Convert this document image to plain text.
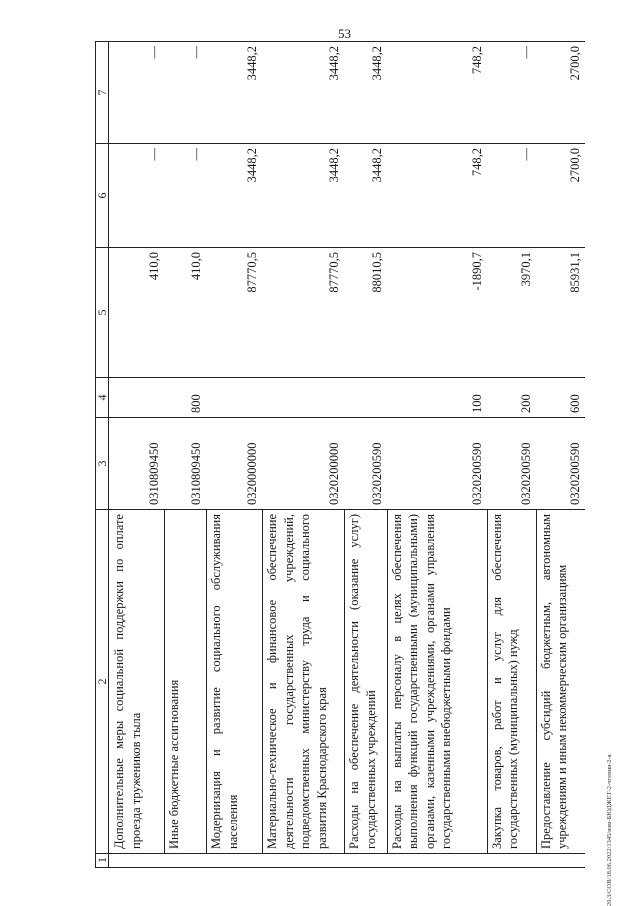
53
20.3/СОВ/18.06.2022/1345/изм-БЮДЖЕТ-2-чтения-2-я
1	2	3	4	5	6	7
	Дополнительные меры социальной поддержки по оплате проезда тружеников тыла	0310809450		410,0	—	—
	Иные бюджетные ассигнования	0310809450	800	410,0	—	—
	Модернизация и развитие социального обслуживания населения	0320000000		87770,5	3448,2	3448,2
	Материально-техническое и финансовое обеспечение деятельности государственных учреждений, подведомственных министерству труда и социального развития Краснодарского края	0320200000		87770,5	3448,2	3448,2
	Расходы на обеспечение деятельности (оказание услуг) государственных учреждений	0320200590		88010,5	3448,2	3448,2
	Расходы на выплаты персоналу в целях обеспечения выполнения функций государственными (муниципальными) органами, казенными учреждениями, органами управления государственными внебюджетными фондами	0320200590	100	-1890,7	748,2	748,2
	Закупка товаров, работ и услуг для обеспечения государственных (муниципальных) нужд	0320200590	200	3970,1	—	—
	Предоставление субсидий бюджетным, автономным учреждениям и иным некоммерческим организациям	0320200590	600	85931,1	2700,0	2700,0
